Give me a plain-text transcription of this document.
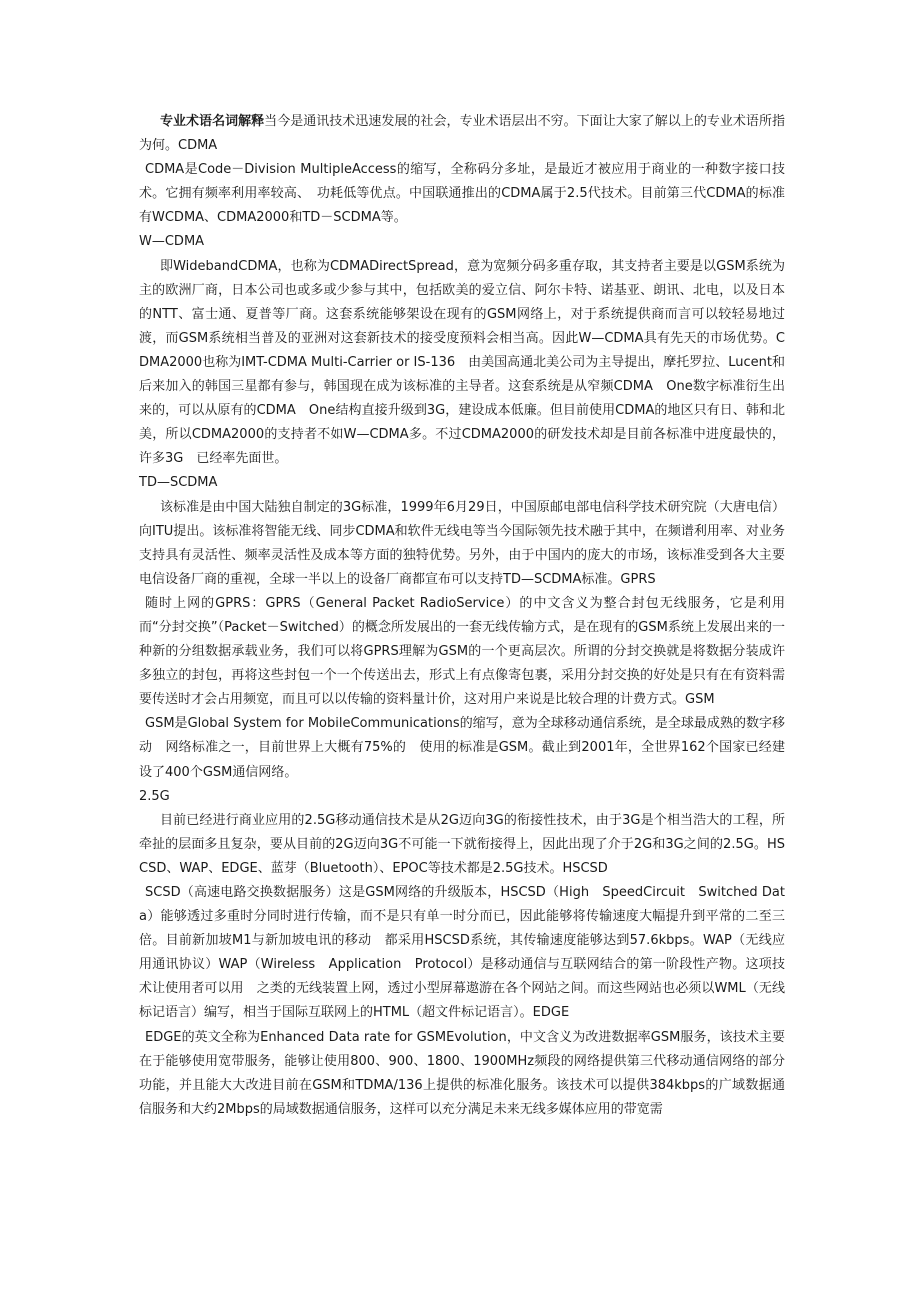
专业术语名词解释当今是通讯技术迅速发展的社会，专业术语层出不穷。下面让大家了解以上的专业术语所指为何。CDMA

CDMA是Code－Division MultipleAccess的缩写，全称码分多址，是最近才被应用于商业的一种数字接口技术。它拥有频率利用率较高、　功耗低等优点。中国联通推出的CDMA属于2.5代技术。目前第三代CDMA的标准有WCDMA、CDMA2000和TD－SCDMA等。

W—CDMA

即WidebandCDMA，也称为CDMADirectSpread，意为宽频分码多重存取，其支持者主要是以GSM系统为主的欧洲厂商，日本公司也或多或少参与其中，包括欧美的爱立信、阿尔卡特、诺基亚、朗讯、北电，以及日本的NTT、富士通、夏普等厂商。这套系统能够架设在现有的GSM网络上，对于系统提供商而言可以较轻易地过渡，而GSM系统相当普及的亚洲对这套新技术的接受度预料会相当高。因此W—CDMA具有先天的市场优势。CDMA2000也称为IMT-CDMA Multi-Carrier or IS-136　由美国高通北美公司为主导提出，摩托罗拉、Lucent和后来加入的韩国三星都有参与，韩国现在成为该标准的主导者。这套系统是从窄频CDMA　One数字标准衍生出来的，可以从原有的CDMA　One结构直接升级到3G，建设成本低廉。但目前使用CDMA的地区只有日、韩和北美，所以CDMA2000的支持者不如W—CDMA多。不过CDMA2000的研发技术却是目前各标准中进度最快的，许多3G　已经率先面世。

TD—SCDMA

该标准是由中国大陆独自制定的3G标准，1999年6月29日，中国原邮电部电信科学技术研究院（大唐电信）向ITU提出。该标准将智能无线、同步CDMA和软件无线电等当今国际领先技术融于其中，在频谱利用率、对业务支持具有灵活性、频率灵活性及成本等方面的独特优势。另外，由于中国内的庞大的市场，该标准受到各大主要电信设备厂商的重视，全球一半以上的设备厂商都宣布可以支持TD—SCDMA标准。GPRS

随时上网的GPRS：GPRS（General Packet RadioService）的中文含义为整合封包无线服务，它是利用而“分封交换”（Packet－Switched）的概念所发展出的一套无线传输方式，是在现有的GSM系统上发展出来的一种新的分组数据承载业务，我们可以将GPRS理解为GSM的一个更高层次。所谓的分封交换就是将数据分装成许多独立的封包，再将这些封包一个一个传送出去，形式上有点像寄包裹，采用分封交换的好处是只有在有资料需要传送时才会占用频宽，而且可以以传输的资料量计价，这对用户来说是比较合理的计费方式。GSM

GSM是Global System for MobileCommunications的缩写，意为全球移动通信系统，是全球最成熟的数字移动　网络标准之一，目前世界上大概有75%的　使用的标准是GSM。截止到2001年，全世界162个国家已经建设了400个GSM通信网络。

2.5G

目前已经进行商业应用的2.5G移动通信技术是从2G迈向3G的衔接性技术，由于3G是个相当浩大的工程，所牵扯的层面多且复杂，要从目前的2G迈向3G不可能一下就衔接得上，因此出现了介于2G和3G之间的2.5G。HSCSD、WAP、EDGE、蓝芽（Bluetooth）、EPOC等技术都是2.5G技术。HSCSD

SCSD（高速电路交换数据服务）这是GSM网络的升级版本，HSCSD（High　SpeedCircuit　Switched Data）能够透过多重时分同时进行传输，而不是只有单一时分而已，因此能够将传输速度大幅提升到平常的二至三倍。目前新加坡M1与新加坡电讯的移动　都采用HSCSD系统，其传输速度能够达到57.6kbps。WAP（无线应用通讯协议）WAP（Wireless　Application　Protocol）是移动通信与互联网结合的第一阶段性产物。这项技术让使用者可以用　之类的无线装置上网，透过小型屏幕遨游在各个网站之间。而这些网站也必须以WML（无线标记语言）编写，相当于国际互联网上的HTML（超文件标记语言）。EDGE

EDGE的英文全称为Enhanced Data rate for GSMEvolution，中文含义为改进数据率GSM服务，该技术主要在于能够使用宽带服务，能够让使用800、900、1800、1900MHz频段的网络提供第三代移动通信网络的部分功能，并且能大大改进目前在GSM和TDMA/136上提供的标准化服务。该技术可以提供384kbps的广域数据通信服务和大约2Mbps的局域数据通信服务，这样可以充分满足未来无线多媒体应用的带宽需
